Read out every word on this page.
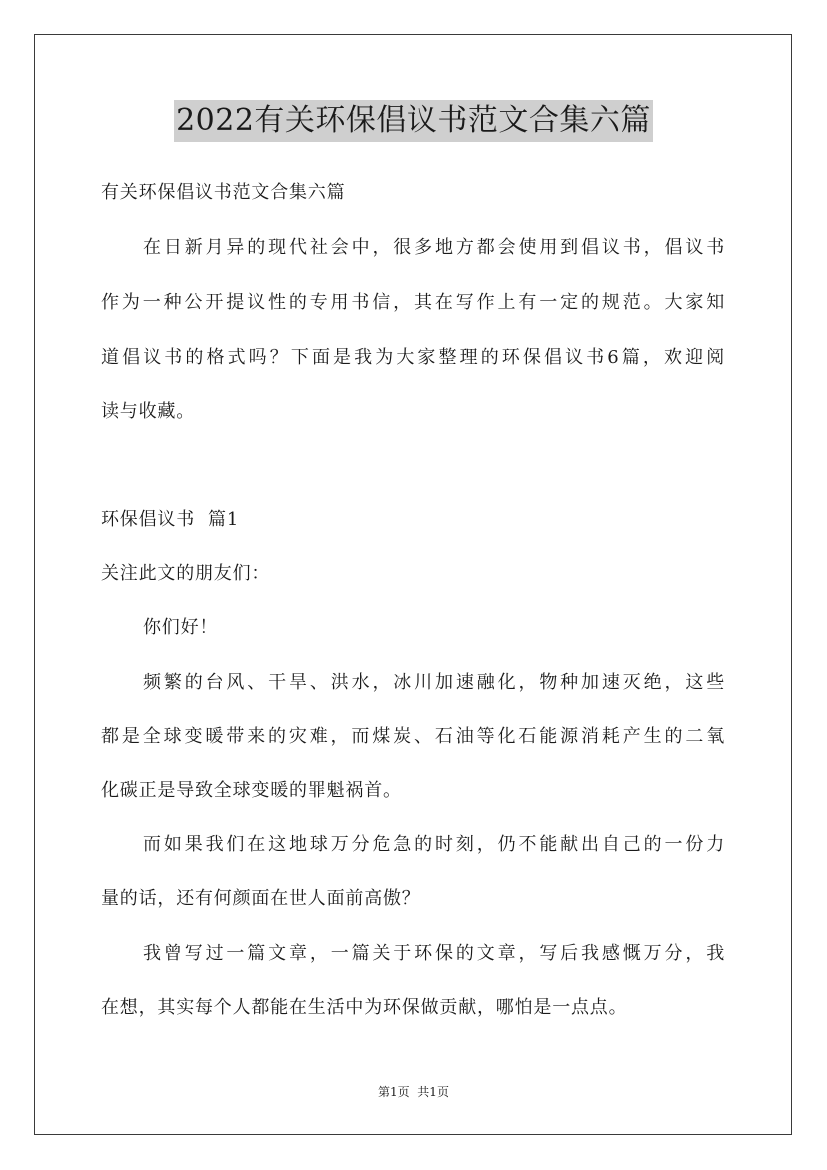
2022有关环保倡议书范文合集六篇
有关环保倡议书范文合集六篇
在日新月异的现代社会中，很多地方都会使用到倡议书，倡议书
作为一种公开提议性的专用书信，其在写作上有一定的规范。大家知
道倡议书的格式吗？下面是我为大家整理的环保倡议书6篇，欢迎阅
读与收藏。
环保倡议书  篇1
关注此文的朋友们：
你们好！
频繁的台风、干旱、洪水，冰川加速融化，物种加速灭绝，这些
都是全球变暖带来的灾难，而煤炭、石油等化石能源消耗产生的二氧
化碳正是导致全球变暖的罪魁祸首。
而如果我们在这地球万分危急的时刻，仍不能献出自己的一份力
量的话，还有何颜面在世人面前高傲？
我曾写过一篇文章，一篇关于环保的文章，写后我感慨万分，我
在想，其实每个人都能在生活中为环保做贡献，哪怕是一点点。
第1页  共1页
